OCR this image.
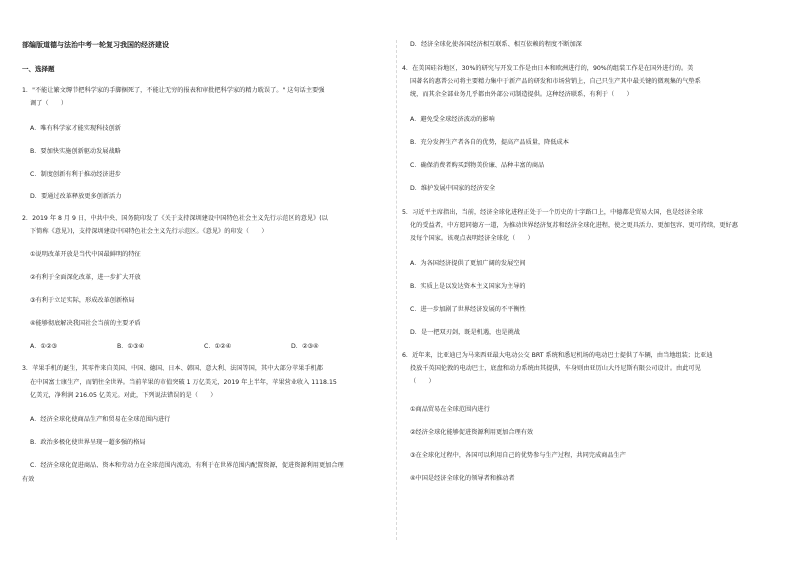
部编版道德与法治中考一轮复习我国的经济建设
一、选择题
1．"不能让繁文缛节把科学家的手脚捆死了，不能让无穷的报表和审批把科学家的精力耽误了。" 这句话主要强
调了（　　）
A．唯有科学家才能实现科技创新
B．要加快实施创新驱动发展战略
C．制度创新有利于推动经济进步
D．要通过改革释放更多创新活力
2．2019 年 8 月 9 日，中共中央、国务院印发了《关于支持深圳建设中国特色社会主义先行示范区的意见》(以
下简称《意见》)，支持深圳建设中国特色社会主义先行示范区。《意见》的印发（　　）
①说明改革开放是当代中国最鲜明的特征
②有利于全面深化改革，进一步扩大开放
③有利于立足实际，形成改革创新格局
④能够彻底解决我国社会当前的主要矛盾
A．①②③	B．①③④	C．①②④	D．②③④
3．苹果手机的诞生，其零件来自美国、中国、德国、日本、韩国、意大利、法国等国，其中大部分苹果手机都
在中国富士康生产，而销往全世界。当前苹果的市值突破 1 万亿美元，2019 年上半年，苹果营业收入 1118.15
亿美元，净利润 216.05 亿美元。对此，下列说法错误的是（　　）
A．经济全球化使商品生产和贸易在全球范围内进行
B．政治多极化使世界呈现一超多强的格局
C．经济全球化促进商品、资本和劳动力在全球范围内流动，有利于在世界范围内配置资源，促进资源利用更加合理
有效
D．经济全球化使各国经济相互联系、相互依赖的程度不断加深
4．在美国硅谷地区，30%的研究与开发工作是由日本和欧洲进行的，90%的组装工作是在国外进行的。美
国著名的惠普公司将主要精力集中于新产品的研发和市场营销上，自己只生产其中最关键的微观集的气垫系
统，而其余全部业务几乎都由外部公司制造提供。这种经济联系，有利于（　　）
A．避免受全球经济波动的影响
B．充分发挥生产者各自的优势，提高产品质量，降低成本
C．确保消费者购买到物美价廉、品种丰富的商品
D．维护发展中国家的经济安全
5．习近平主席指出，当前，经济全球化进程正处于一个历史的十字路口上，中德都是贸易大国，也是经济全球
化的受益者，中方愿同德方一道，为推动世界经济复苏和经济全球化进程，使之更具活力、更加包容、更可持续，更好惠
及每个国家。该观点表明经济全球化（　　）
A．为各国经济提供了更加广阔的发展空间
B．实质上是以发达资本主义国家为主导的
C．进一步加剧了世界经济发展的不平衡性
D．是一把双刃剑，既是机遇，也是挑战
6．近年来，比亚迪已为马来西亚最大电动公交 BRT 系统和悉尼机场的电动巴士提供了车辆，由当地组装；比亚迪
投放千英国伦敦的电动巴士，底盘和动力系统由其提供，车身则由亚历山大丹尼斯有限公司设计。由此可见
（　　）
①商品贸易在全球范围内进行
②经济全球化能够促进资源利用更加合理有效
③在全球化过程中，各国可以利用自己的优势参与生产过程，共同完成商品生产
④中国是经济全球化的领导者和推动者
